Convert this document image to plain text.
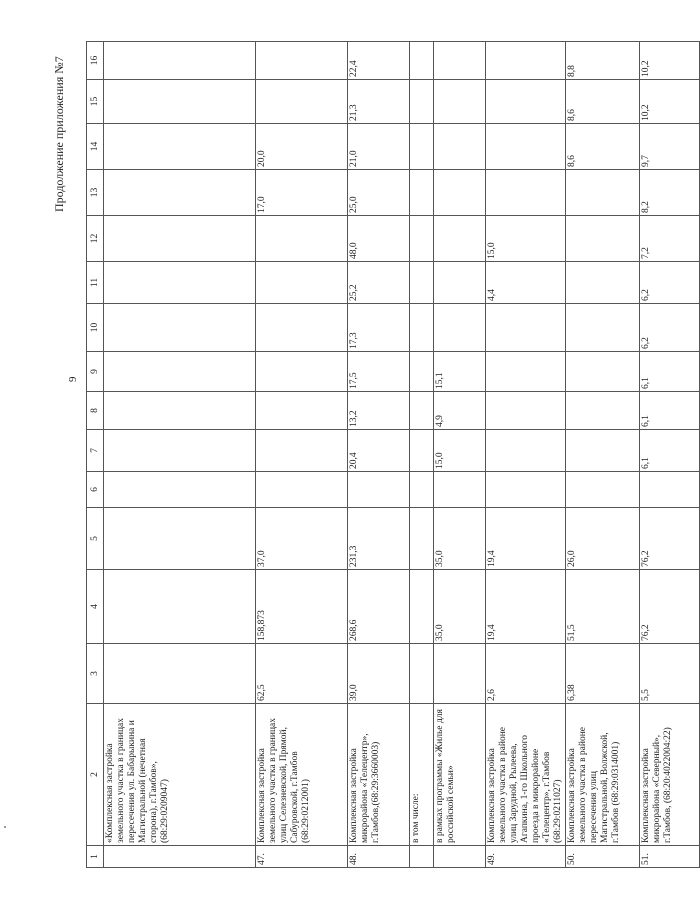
9
Продолжение приложения №7
1	2	3	4	5	6	7	8	9	10	11	12	13	14	15	16
	«Комплексная застройка земельного участка в границах пересечения ул. Бабарыкина и Магистральной (нечетная сторона), г.Тамбов», (68:29:0209047)														
47.	Комплексная застройка земельного участка в границах улиц Селезневской, Прямой, Сабуровской, г.Тамбов (68:29:0212001)	62,5	158,873	37,0								17,0	20,0		
48.	Комплексная застройка микрорайона «Телецентр», г.Тамбов,(68:29:3660003)	39,0	268,6	231,3		20,4	13,2	17,5	17,3	25,2	48,0	25,0	21,0	21,3	22,4
	в том числе:														
	в рамках программы «Жилье для российской семьи»		35,0	35,0		15,0	4,9	15,1							
49.	Комплексная застройка земельного участка в районе улиц Зарудной, Рылеева, Агапкина, 1-го Школьного проезда в микрорайоне «Телецентр», г.Тамбов (68:29:0211027)	2,6	19,4	19,4						4,4	15,0				
50.	Комплексная застройка земельного участка в районе пересечения улиц Магистральной, Волжской, г.Тамбов (68:29:0314001)	6,38	51,5	26,0									8,6	8,6	8,8
51.	Комплексная застройка микрорайона «Северный», г.Тамбов, (68:20:4022004:22)	5,5	76,2	76,2		6,1	6,1	6,1	6,2	6,2	7,2	8,2	9,7	10,2	10,2
